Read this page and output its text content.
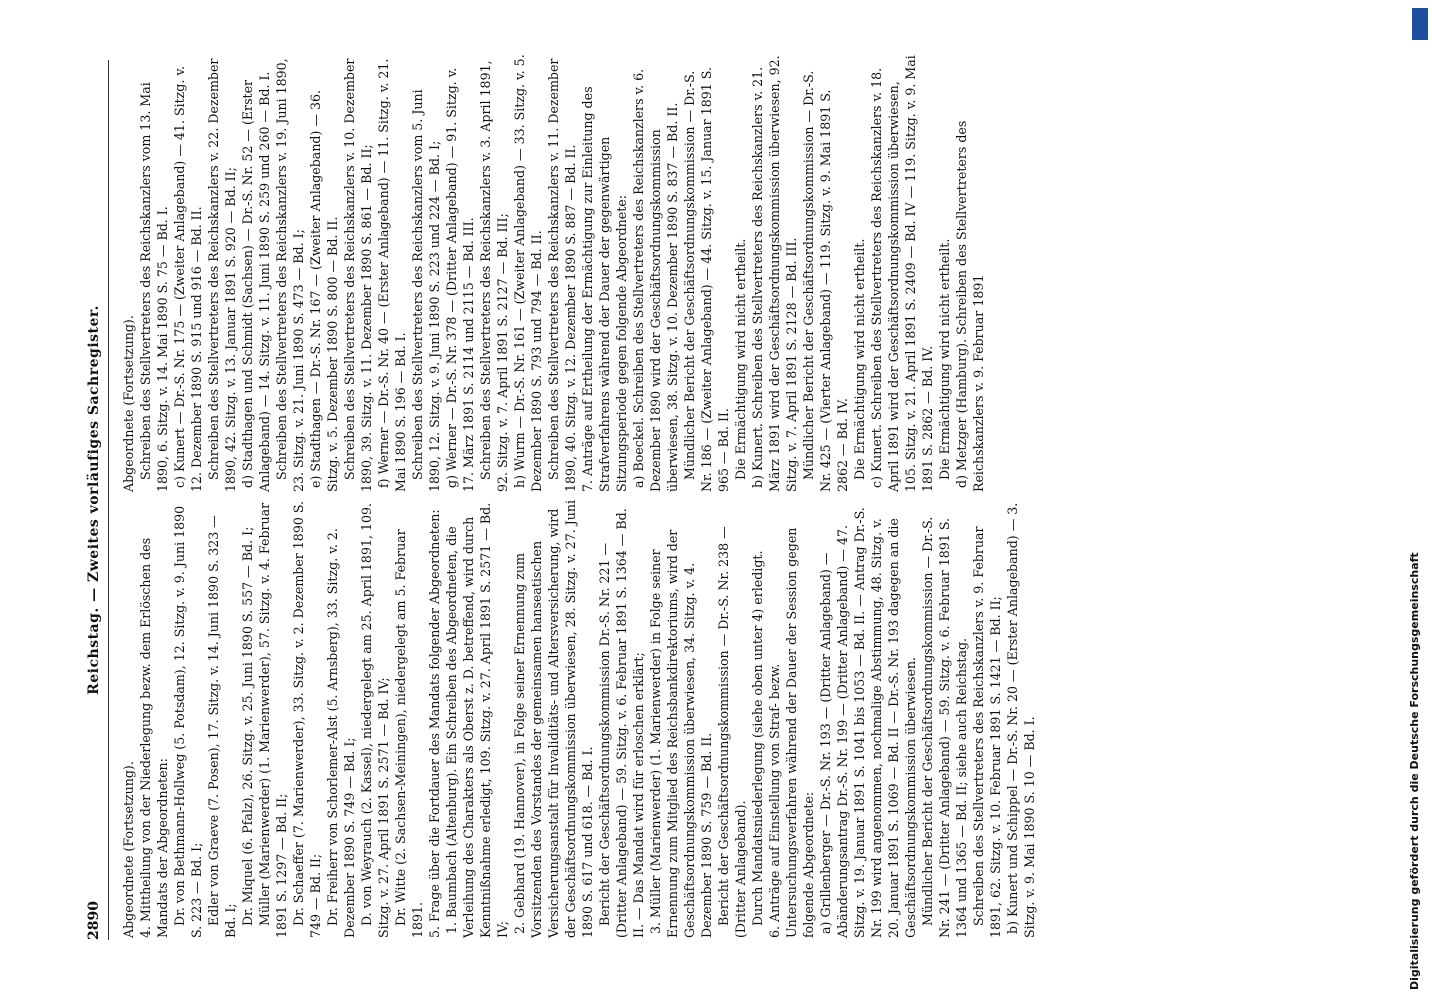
2890
Reichstag. — Zweites vorläufiges Sachregister.
Abgeordnete (Fortsetzung).
4. Mittheilung von der Niederlegung bezw. dem Erlöschen des Mandats der Abgeordneten:
Dr. von Bethmann-Hollweg (5. Potsdam), 12. Sitzg. v. 9. Juni 1890 S. 223 — Bd. I;
Edler von Graeve (7. Posen), 17. Sitzg. v. 14. Juni 1890 S. 323 — Bd. I;
Dr. Miquel (6. Pfalz), 26. Sitzg. v. 25. Juni 1890 S. 557 — Bd. I;
Müller (Marienwerder) (1. Marienwerder), 57. Sitzg. v. 4. Februar 1891 S. 1297 — Bd. II;
Dr. Schaeffer (7. Marienwerder), 33. Sitzg. v. 2. Dezember 1890 S. 749 — Bd. II;
Dr. Freiherr von Schorlemer-Alst (5. Arnsberg), 33. Sitzg. v. 2. Dezember 1890 S. 749 — Bd. I;
D. von Weyrauch (2. Kassel), niedergelegt am 25. April 1891, 109. Sitzg. v. 27. April 1891 S. 2571 — Bd. IV;
Dr. Witte (2. Sachsen-Meiningen), niedergelegt am 5. Februar 1891.
5. Frage über die Fortdauer des Mandats folgender Abgeordneten:
1. Baumbach (Altenburg). Ein Schreiben des Abgeordneten, die Verleihung des Charakters als Oberst z. D. betreffend, wird durch Kenntnißnahme erledigt, 109. Sitzg. v. 27. April 1891 S. 2571 — Bd. IV;
2. Gebhard (19. Hannover), in Folge seiner Ernennung zum Vorsitzenden des Vorstandes der gemeinsamen hanseatischen Versicherungsanstalt für Invaliditäts- und Altersversicherung, wird der Geschäftsordnungskommission überwiesen, 28. Sitzg. v. 27. Juni 1890 S. 617 und 618. — Bd. I.
Bericht der Geschäftsordnungskommission Dr.-S. Nr. 221 — (Dritter Anlageband) — 59. Sitzg. v. 6. Februar 1891 S. 1364 — Bd. II. — Das Mandat wird für erloschen erklärt;
3. Müller (Marienwerder) (1. Marienwerder) in Folge seiner Ernennung zum Mitglied des Reichsbankdirektoriums, wird der Geschäftsordnungskommission überwiesen, 34. Sitzg. v. 4. Dezember 1890 S. 759 — Bd. II.
Bericht der Geschäftsordnungskommission — Dr.-S. Nr. 238 — (Dritter Anlageband).
Durch Mandatsniederlegung (siehe oben unter 4) erledigt.
6. Anträge auf Einstellung von Straf- bezw. Untersuchungsverfahren während der Dauer der Session gegen folgende Abgeordnete:
a) Grillenberger — Dr.-S. Nr. 193 — (Dritter Anlageband) — Abänderungsantrag Dr.-S. Nr. 199 — (Dritter Anlageband) — 47. Sitzg. v. 19. Januar 1891 S. 1041 bis 1053 — Bd. II. — Antrag Dr.-S. Nr. 199 wird angenommen, nochmalige Abstimmung, 48. Sitzg. v. 20. Januar 1891 S. 1069 — Bd. II — Dr.-S. Nr. 193 dagegen an die Geschäftsordnungskommission überwiesen.
Mündlicher Bericht der Geschäftsordnungskommission — Dr.-S. Nr. 241 — (Dritter Anlageband) — 59. Sitzg. v. 6. Februar 1891 S. 1364 und 1365 — Bd. II; siehe auch Reichstag.
Schreiben des Stellvertreters des Reichskanzlers v. 9. Februar 1891, 62. Sitzg. v. 10. Februar 1891 S. 1421 — Bd. II;
b) Kunert und Schippel — Dr.-S. Nr. 20 — (Erster Anlageband) — 3. Sitzg. v. 9. Mai 1890 S. 10 — Bd. I.
Abgeordnete (Fortsetzung).
Schreiben des Stellvertreters des Reichskanzlers vom 13. Mai 1890, 6. Sitzg. v. 14. Mai 1890 S. 75 — Bd. I.
c) Kunert — Dr.-S. Nr. 175 — (Zweiter Anlageband) — 41. Sitzg. v. 12. Dezember 1890 S. 915 und 916 — Bd. II.
Schreiben des Stellvertreters des Reichskanzlers v. 22. Dezember 1890, 42. Sitzg. v. 13. Januar 1891 S. 920 — Bd. II;
d) Stadthagen und Schmidt (Sachsen) — Dr.-S. Nr. 52 — (Erster Anlageband) — 14. Sitzg. v. 11. Juni 1890 S. 259 und 260 — Bd. I.
Schreiben des Stellvertreters des Reichskanzlers v. 19. Juni 1890, 23. Sitzg. v. 21. Juni 1890 S. 473 — Bd. I;
e) Stadthagen — Dr.-S. Nr. 167 — (Zweiter Anlageband) — 36. Sitzg. v. 5. Dezember 1890 S. 800 — Bd. II.
Schreiben des Stellvertreters des Reichskanzlers v. 10. Dezember 1890, 39. Sitzg. v. 11. Dezember 1890 S. 861 — Bd. II;
f) Werner — Dr.-S. Nr. 40 — (Erster Anlageband) — 11. Sitzg. v. 21. Mai 1890 S. 196 — Bd. I.
Schreiben des Stellvertreters des Reichskanzlers vom 5. Juni 1890, 12. Sitzg. v. 9. Juni 1890 S. 223 und 224 — Bd. I;
g) Werner — Dr.-S. Nr. 378 — (Dritter Anlageband) — 91. Sitzg. v. 17. März 1891 S. 2114 und 2115 — Bd. III.
Schreiben des Stellvertreters des Reichskanzlers v. 3. April 1891, 92. Sitzg. v. 7. April 1891 S. 2127 — Bd. III;
h) Wurm — Dr.-S. Nr. 161 — (Zweiter Anlageband) — 33. Sitzg. v. 5. Dezember 1890 S. 793 und 794 — Bd. II.
Schreiben des Stellvertreters des Reichskanzlers v. 11. Dezember 1890, 40. Sitzg. v. 12. Dezember 1890 S. 887 — Bd. II.
7. Anträge auf Ertheilung der Ermächtigung zur Einleitung des Strafverfahrens während der Dauer der gegenwärtigen Sitzungsperiode gegen folgende Abgeordnete:
a) Boeckel. Schreiben des Stellvertreters des Reichskanzlers v. 6. Dezember 1890 wird der Geschäftsordnungskommission überwiesen, 38. Sitzg. v. 10. Dezember 1890 S. 837 — Bd. II.
Mündlicher Bericht der Geschäftsordnungskommission — Dr.-S. Nr. 186 — (Zweiter Anlageband) — 44. Sitzg. v. 15. Januar 1891 S. 965 — Bd. II.
Die Ermächtigung wird nicht ertheilt.
b) Kunert. Schreiben des Stellvertreters des Reichskanzlers v. 21. März 1891 wird der Geschäftsordnungskommission überwiesen, 92. Sitzg. v. 7. April 1891 S. 2128 — Bd. III.
Mündlicher Bericht der Geschäftsordnungskommission — Dr.-S. Nr. 425 — (Vierter Anlageband) — 119. Sitzg. v. 9. Mai 1891 S. 2862 — Bd. IV.
Die Ermächtigung wird nicht ertheilt.
c) Kunert. Schreiben des Stellvertreters des Reichskanzlers v. 18. April 1891 wird der Geschäftsordnungskommission überwiesen, 105. Sitzg. v. 21. April 1891 S. 2409 — Bd. IV — 119. Sitzg. v. 9. Mai 1891 S. 2862 — Bd. IV.
Die Ermächtigung wird nicht ertheilt.
d) Metzger (Hamburg). Schreiben des Stellvertreters des Reichskanzlers v. 9. Februar 1891
Digitalisierung gefördert durch die Deutsche Forschungsgemeinschaft
